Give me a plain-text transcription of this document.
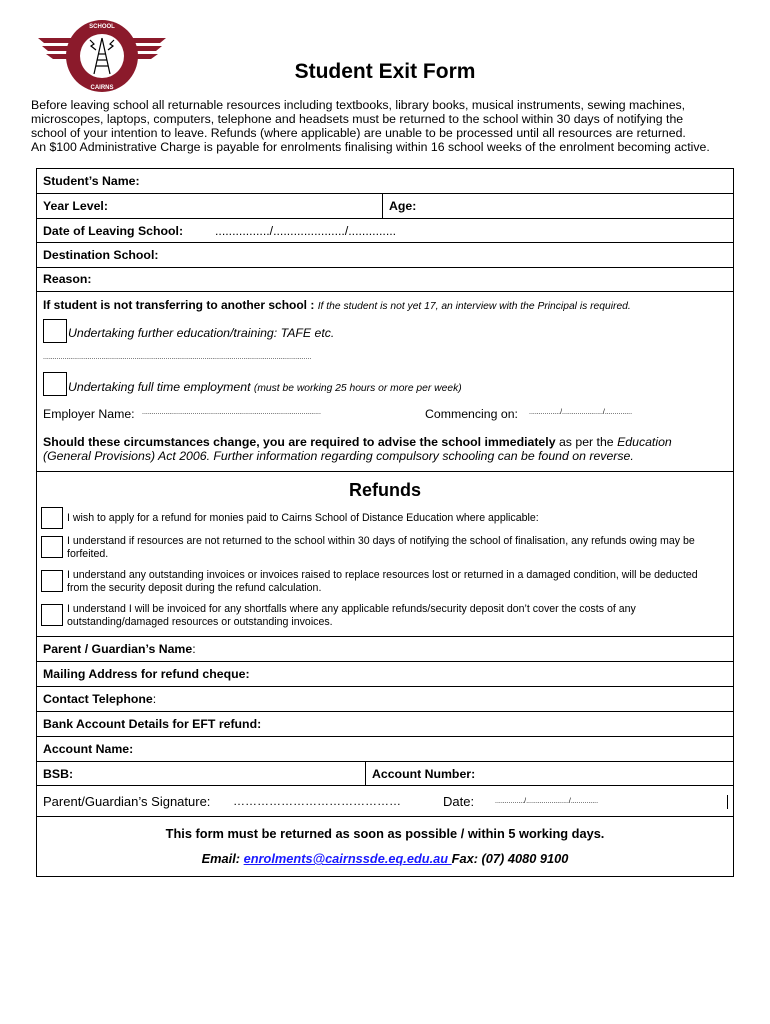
SCHOOL
CAIRNS
Student Exit Form
Before leaving school all returnable resources including textbooks, library books, musical instruments, sewing machines,
microscopes, laptops, computers, telephone and headsets must be returned to the school within 30 days of notifying the
school of your intention to leave. Refunds (where applicable) are unable to be processed until all resources are returned.
An $100 Administrative Charge is payable for enrolments finalising within 16 school weeks of the enrolment becoming active.
Student’s Name:
Year Level:	Age:
Date of Leaving School:	................/...................../..............
Destination School:
Reason:
If student is not transferring to another school : If the student is not yet 17, an interview with the Principal is required.
Undertaking further education/training: TAFE etc.
..........................................................................................................................................
Undertaking full time employment (must be working 25 hours or more per week)
Employer Name: ............................................................................................	Commencing on: ................/...................../..............
Should these circumstances change, you are required to advise the school immediately as per the Education
(General Provisions) Act 2006. Further information regarding compulsory schooling can be found on reverse.
Refunds
I wish to apply for a refund for monies paid to Cairns School of Distance Education where applicable:
I understand if resources are not returned to the school within 30 days of notifying the school of finalisation, any refunds owing may be forfeited.
I understand any outstanding invoices or invoices raised to replace resources lost or returned in a damaged condition, will be deducted from the security deposit during the refund calculation.
I understand I will be invoiced for any shortfalls where any applicable refunds/security deposit don’t cover the costs of any outstanding/damaged resources or outstanding invoices.
Parent / Guardian’s Name:
Mailing Address for refund cheque:
Contact Telephone:
Bank Account Details for EFT refund:
Account Name:
BSB:	Account Number:
Parent/Guardian’s Signature: ……………………………………	Date:	.............../....................../..............
This form must be returned as soon as possible / within 5 working days.
Email: enrolments@cairnssde.eq.edu.au Fax: (07) 4080 9100
